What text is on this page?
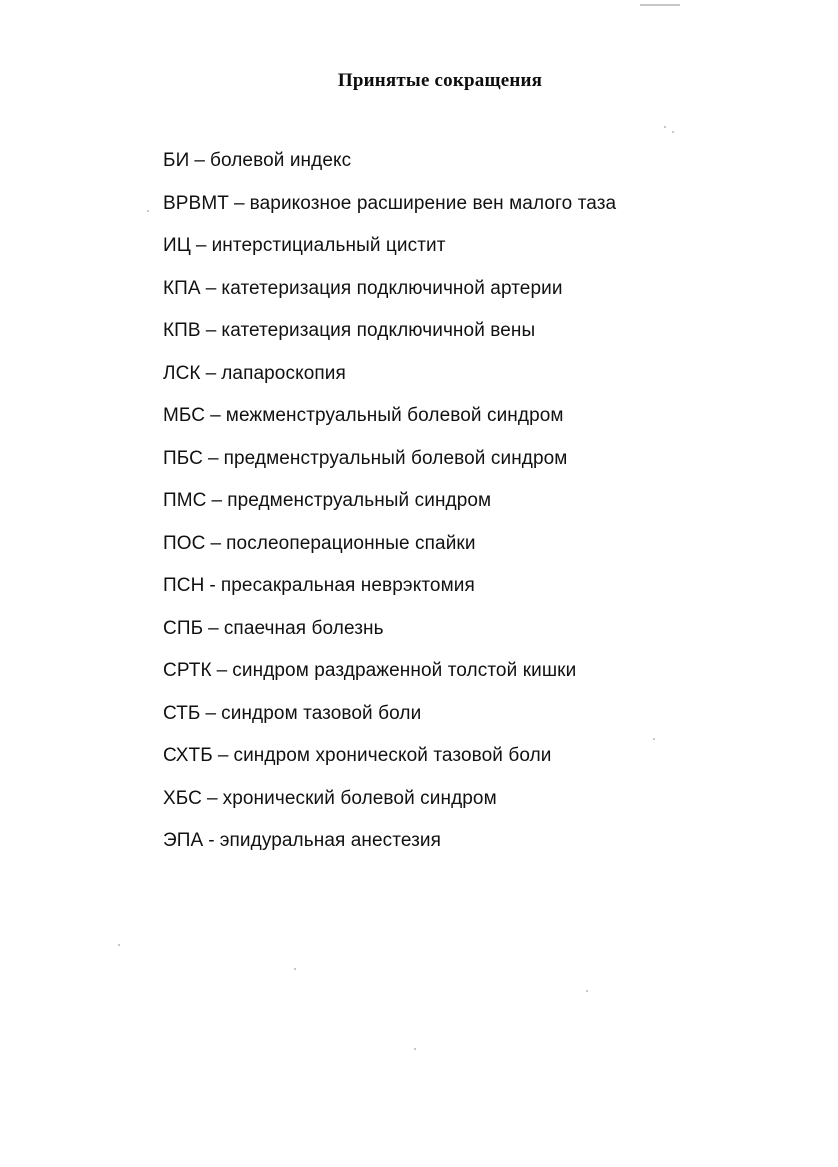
Принятые сокращения
БИ – болевой индекс
ВРВМТ – варикозное расширение вен малого таза
ИЦ – интерстициальный цистит
КПА – катетеризация подключичной артерии
КПВ – катетеризация подключичной вены
ЛСК – лапароскопия
МБС – межменструальный болевой синдром
ПБС – предменструальный болевой синдром
ПМС – предменструальный синдром
ПОС – послеоперационные спайки
ПСН - пресакральная неврэктомия
СПБ – спаечная болезнь
СРТК – синдром раздраженной толстой кишки
СТБ – синдром тазовой боли
СХТБ – синдром хронической тазовой боли
ХБС – хронический болевой синдром
ЭПА - эпидуральная анестезия
